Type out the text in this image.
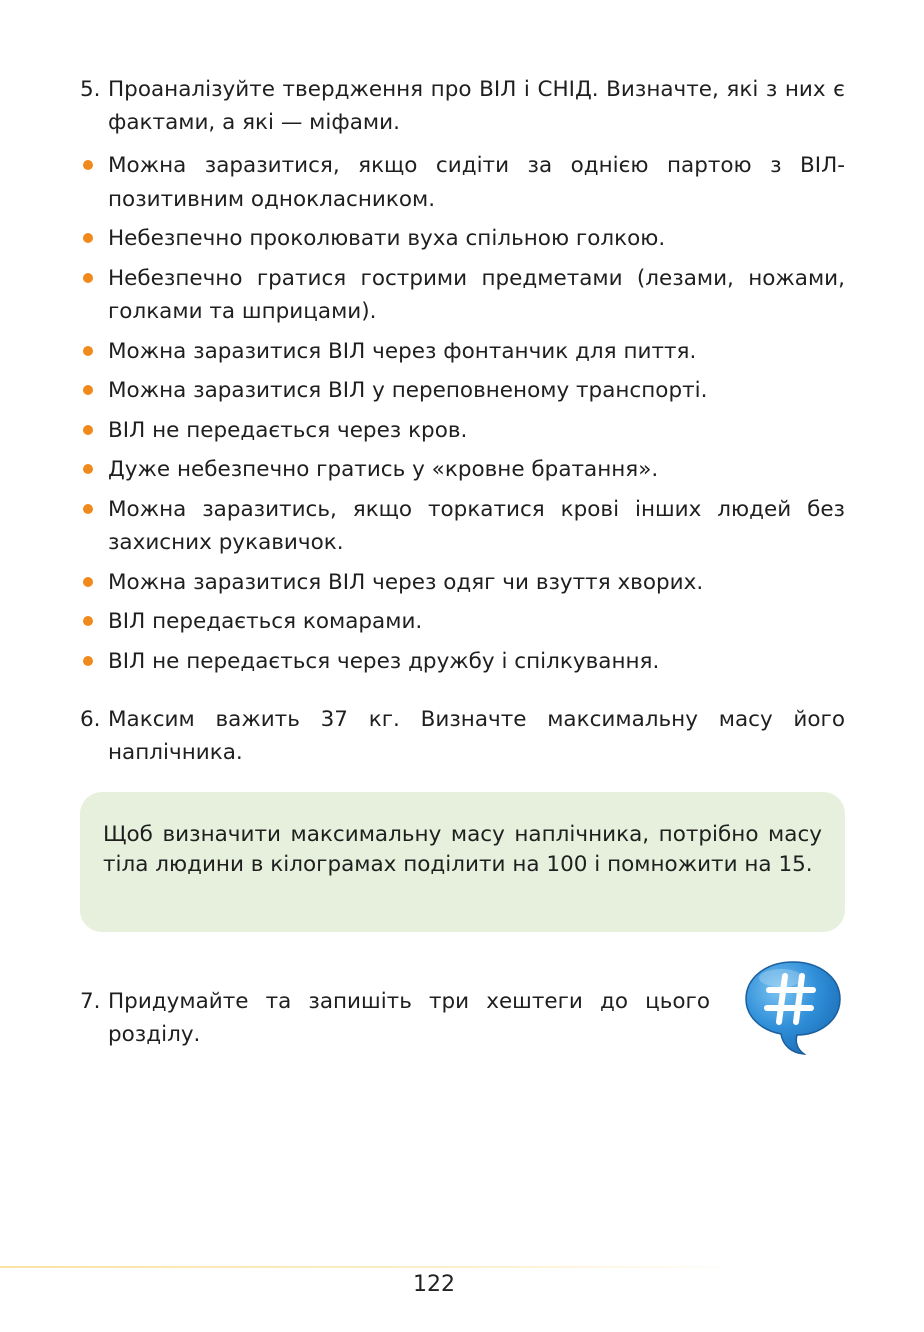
5. Проаналізуйте твердження про ВІЛ і СНІД. Визначте, які з них є фактами, а які — міфами.
Можна заразитися, якщо сидіти за однією партою з ВІЛ-позитивним однокласником.
Небезпечно проколювати вуха спільною голкою.
Небезпечно гратися гострими предметами (лезами, ножами, голками та шприцами).
Можна заразитися ВІЛ через фонтанчик для пиття.
Можна заразитися ВІЛ у переповненому транспорті.
ВІЛ не передається через кров.
Дуже небезпечно гратись у «кровне братання».
Можна заразитись, якщо торкатися крові інших людей без захисних рукавичок.
Можна заразитися ВІЛ через одяг чи взуття хворих.
ВІЛ передається комарами.
ВІЛ не передається через дружбу і спілкування.
6. Максим важить 37 кг. Визначте максимальну масу його наплічника.
Щоб визначити максимальну масу наплічника, потрібно масу тіла людини в кілограмах поділити на 100 і помножити на 15.
7. Придумайте та запишіть три хештеги до цього розділу.
122
